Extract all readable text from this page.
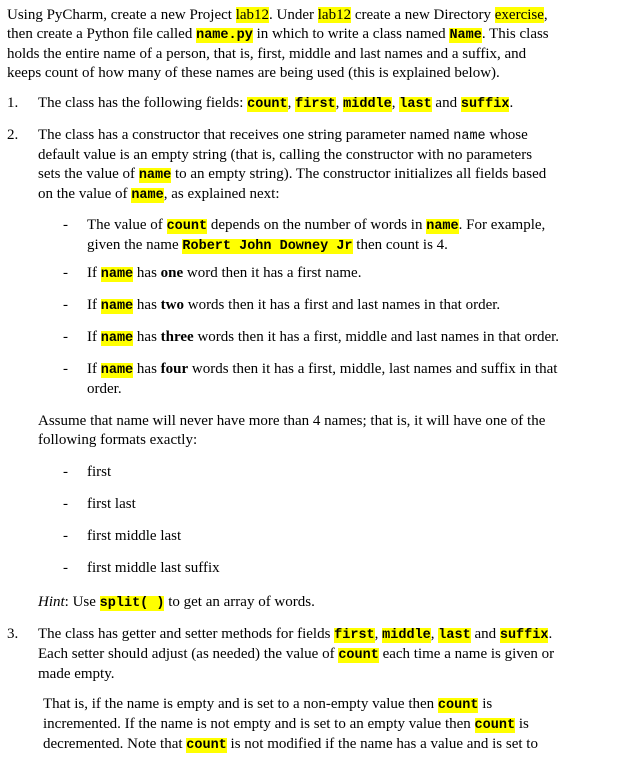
Using PyCharm, create a new Project lab12. Under lab12 create a new Directory exercise,
then create a Python file called name.py in which to write a class named Name. This class
holds the entire name of a person, that is, first, middle and last names and a suffix, and
keeps count of how many of these names are being used (this is explained below).
1. The class has the following fields: count, first, middle, last and suffix.
2. The class has a constructor that receives one string parameter named name whose
default value is an empty string (that is, calling the constructor with no parameters
sets the value of name to an empty string). The constructor initializes all fields based
on the value of name, as explained next:
- The value of count depends on the number of words in name. For example,
given the name Robert John Downey Jr then count is 4.
- If name has one word then it has a first name.
- If name has two words then it has a first and last names in that order.
- If name has three words then it has a first, middle and last names in that order.
- If name has four words then it has a first, middle, last names and suffix in that
order.
Assume that name will never have more than 4 names; that is, it will have one of the
following formats exactly:
- first
- first last
- first middle last
- first middle last suffix
Hint: Use split( ) to get an array of words.
3. The class has getter and setter methods for fields first, middle, last and suffix.
Each setter should adjust (as needed) the value of count each time a name is given or
made empty.
That is, if the name is empty and is set to a non-empty value then count is
incremented. If the name is not empty and is set to an empty value then count is
decremented. Note that count is not modified if the name has a value and is set to
